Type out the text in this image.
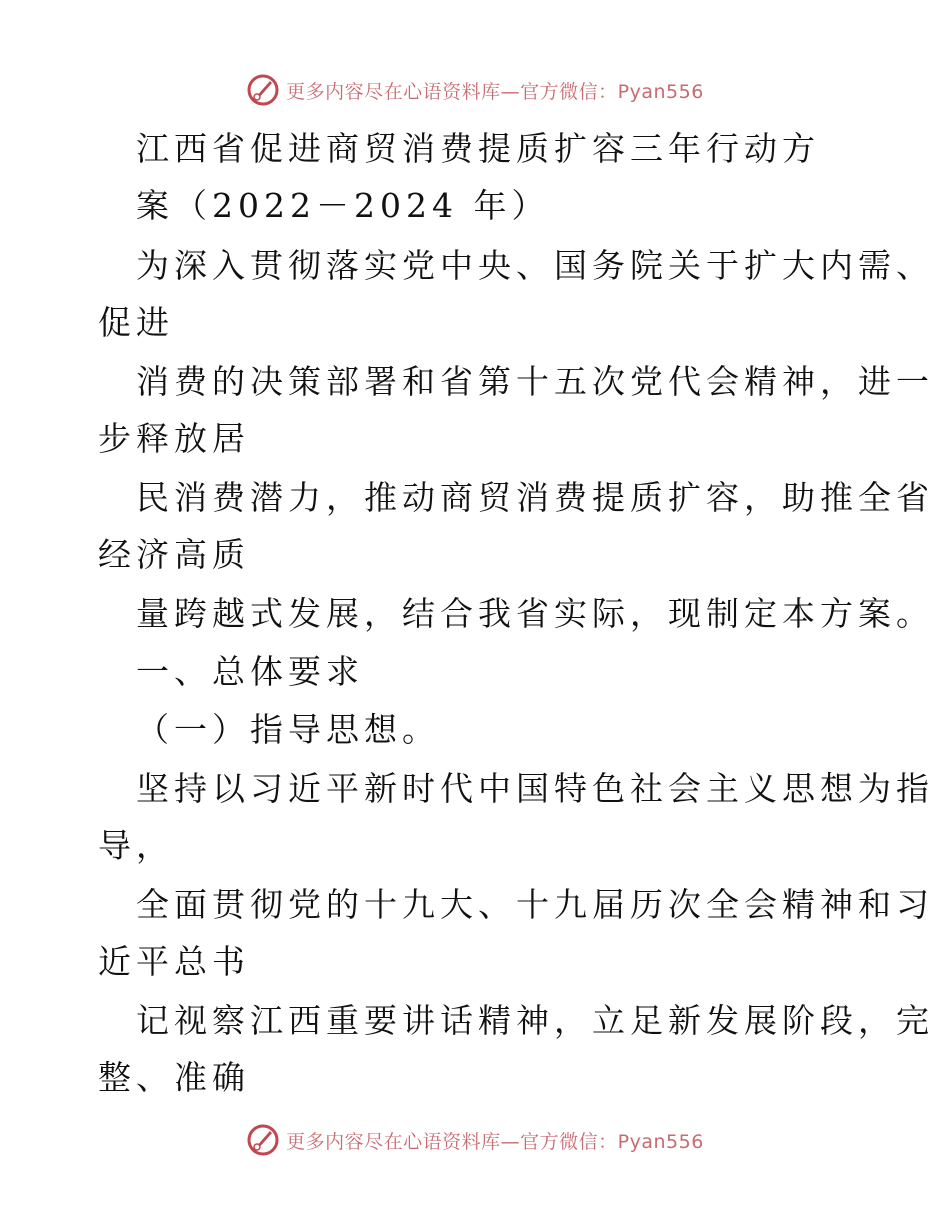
更多内容尽在心语资料库—官方微信：Pyan556
江西省促进商贸消费提质扩容三年行动方
案（2022－2024 年）
为深入贯彻落实党中央、国务院关于扩大内需、
促进
消费的决策部署和省第十五次党代会精神，进一
步释放居
民消费潜力，推动商贸消费提质扩容，助推全省
经济高质
量跨越式发展，结合我省实际，现制定本方案。
一、总体要求
（一）指导思想。
坚持以习近平新时代中国特色社会主义思想为指
导，
全面贯彻党的十九大、十九届历次全会精神和习
近平总书
记视察江西重要讲话精神，立足新发展阶段，完
整、准确
更多内容尽在心语资料库—官方微信：Pyan556
